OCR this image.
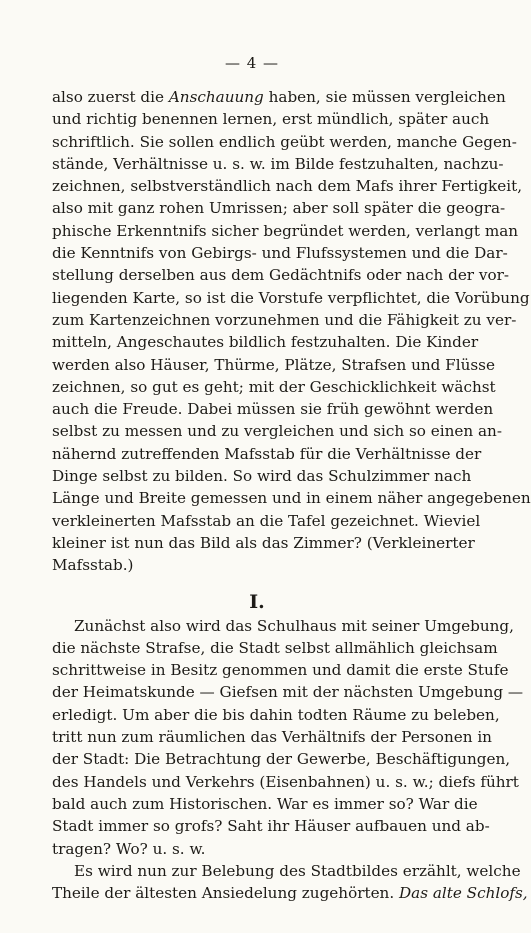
— 4 —
also zuerst die Anschauung haben, sie müssen vergleichen
und richtig benennen lernen, erst mündlich, später auch
schriftlich. Sie sollen endlich geübt werden, manche Gegen-
stände, Verhältnisse u. s. w. im Bilde festzuhalten, nachzu-
zeichnen, selbstverständlich nach dem Mafs ihrer Fertigkeit,
also mit ganz rohen Umrissen; aber soll später die geogra-
phische Erkenntnifs sicher begründet werden, verlangt man
die Kenntnifs von Gebirgs- und Flufssystemen und die Dar-
stellung derselben aus dem Gedächtnifs oder nach der vor-
liegenden Karte, so ist die Vorstufe verpflichtet, die Vorübung
zum Kartenzeichnen vorzunehmen und die Fähigkeit zu ver-
mitteln, Angeschautes bildlich festzuhalten. Die Kinder
werden also Häuser, Thürme, Plätze, Strafsen und Flüsse
zeichnen, so gut es geht; mit der Geschicklichkeit wächst
auch die Freude. Dabei müssen sie früh gewöhnt werden
selbst zu messen und zu vergleichen und sich so einen an-
nähernd zutreffenden Mafsstab für die Verhältnisse der
Dinge selbst zu bilden. So wird das Schulzimmer nach
Länge und Breite gemessen und in einem näher angegebenen
verkleinerten Mafsstab an die Tafel gezeichnet. Wieviel
kleiner ist nun das Bild als das Zimmer? (Verkleinerter
Mafsstab.)
I.
Zunächst also wird das Schulhaus mit seiner Umgebung,
die nächste Strafse, die Stadt selbst allmählich gleichsam
schrittweise in Besitz genommen und damit die erste Stufe
der Heimatskunde — Giefsen mit der nächsten Umgebung —
erledigt. Um aber die bis dahin todten Räume zu beleben,
tritt nun zum räumlichen das Verhältnifs der Personen in
der Stadt: Die Betrachtung der Gewerbe, Beschäftigungen,
des Handels und Verkehrs (Eisenbahnen) u. s. w.; diefs führt
bald auch zum Historischen. War es immer so? War die
Stadt immer so grofs? Saht ihr Häuser aufbauen und ab-
tragen? Wo? u. s. w.
Es wird nun zur Belebung des Stadtbildes erzählt, welche
Theile der ältesten Ansiedelung zugehörten. Das alte Schlofs,
